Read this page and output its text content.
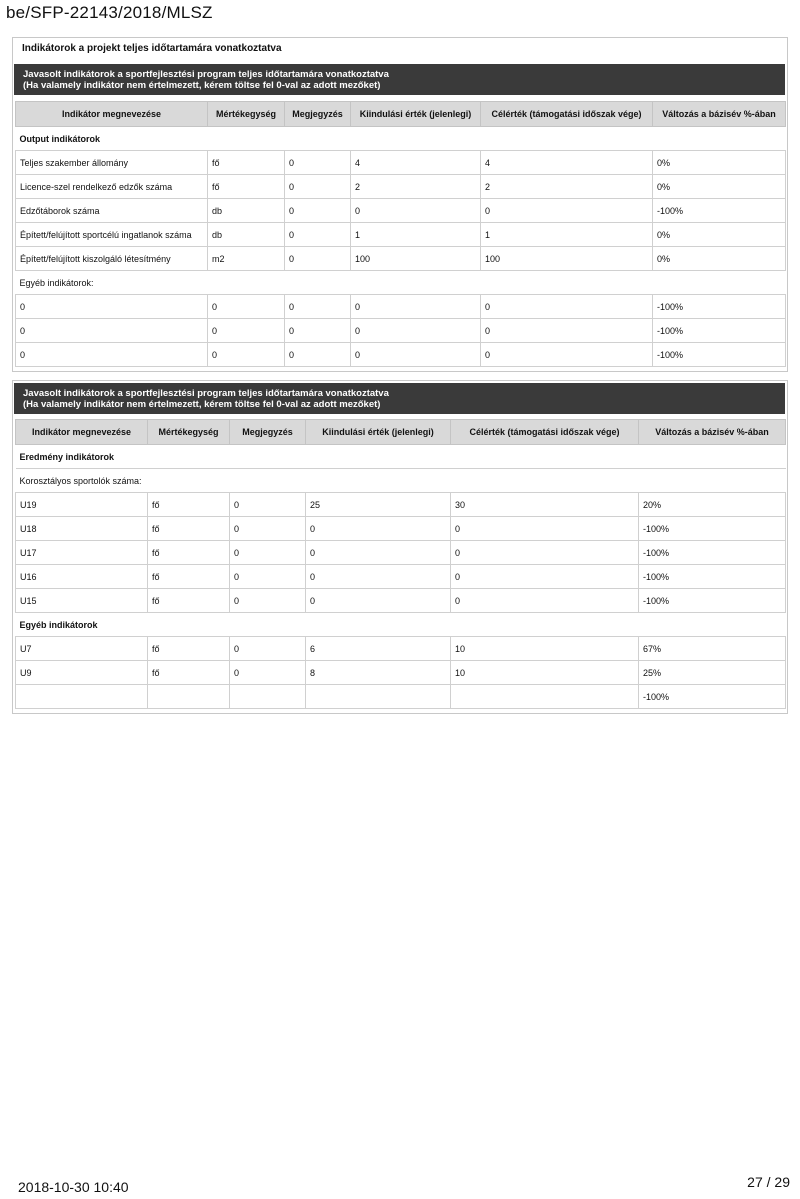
be/SFP-22143/2018/MLSZ
Indikátorok a projekt teljes időtartamára vonatkoztatva
Javasolt indikátorok a sportfejlesztési program teljes időtartamára vonatkoztatva
(Ha valamely indikátor nem értelmezett, kérem töltse fel 0-val az adott mezőket)
Indikátor megnevezése	Mértékegység	Megjegyzés	Kiindulási érték (jelenlegi)	Célérték (támogatási időszak vége)	Változás a bázisév %-ában
Output indikátorok					
Teljes szakember állomány	fő	0	4	4	0%
Licence-szel rendelkező edzők száma	fő	0	2	2	0%
Edzőtáborok száma	db	0	0	0	-100%
Épített/felújított sportcélú ingatlanok száma	db	0	1	1	0%
Épített/felújított kiszolgáló létesítmény	m2	0	100	100	0%
Egyéb indikátorok:					
0	0	0	0	0	-100%
0	0	0	0	0	-100%
0	0	0	0	0	-100%
Javasolt indikátorok a sportfejlesztési program teljes időtartamára vonatkoztatva
(Ha valamely indikátor nem értelmezett, kérem töltse fel 0-val az adott mezőket)
Indikátor megnevezése	Mértékegység	Megjegyzés	Kiindulási érték (jelenlegi)	Célérték (támogatási időszak vége)	Változás a bázisév %-ában
Eredmény indikátorok					
Korosztályos sportolók száma:					
U19	fő	0	25	30	20%
U18	fő	0	0	0	-100%
U17	fő	0	0	0	-100%
U16	fő	0	0	0	-100%
U15	fő	0	0	0	-100%
Egyéb indikátorok					
U7	fő	0	6	10	67%
U9	fő	0	8	10	25%
					-100%
2018-10-30 10:40	27 / 29
